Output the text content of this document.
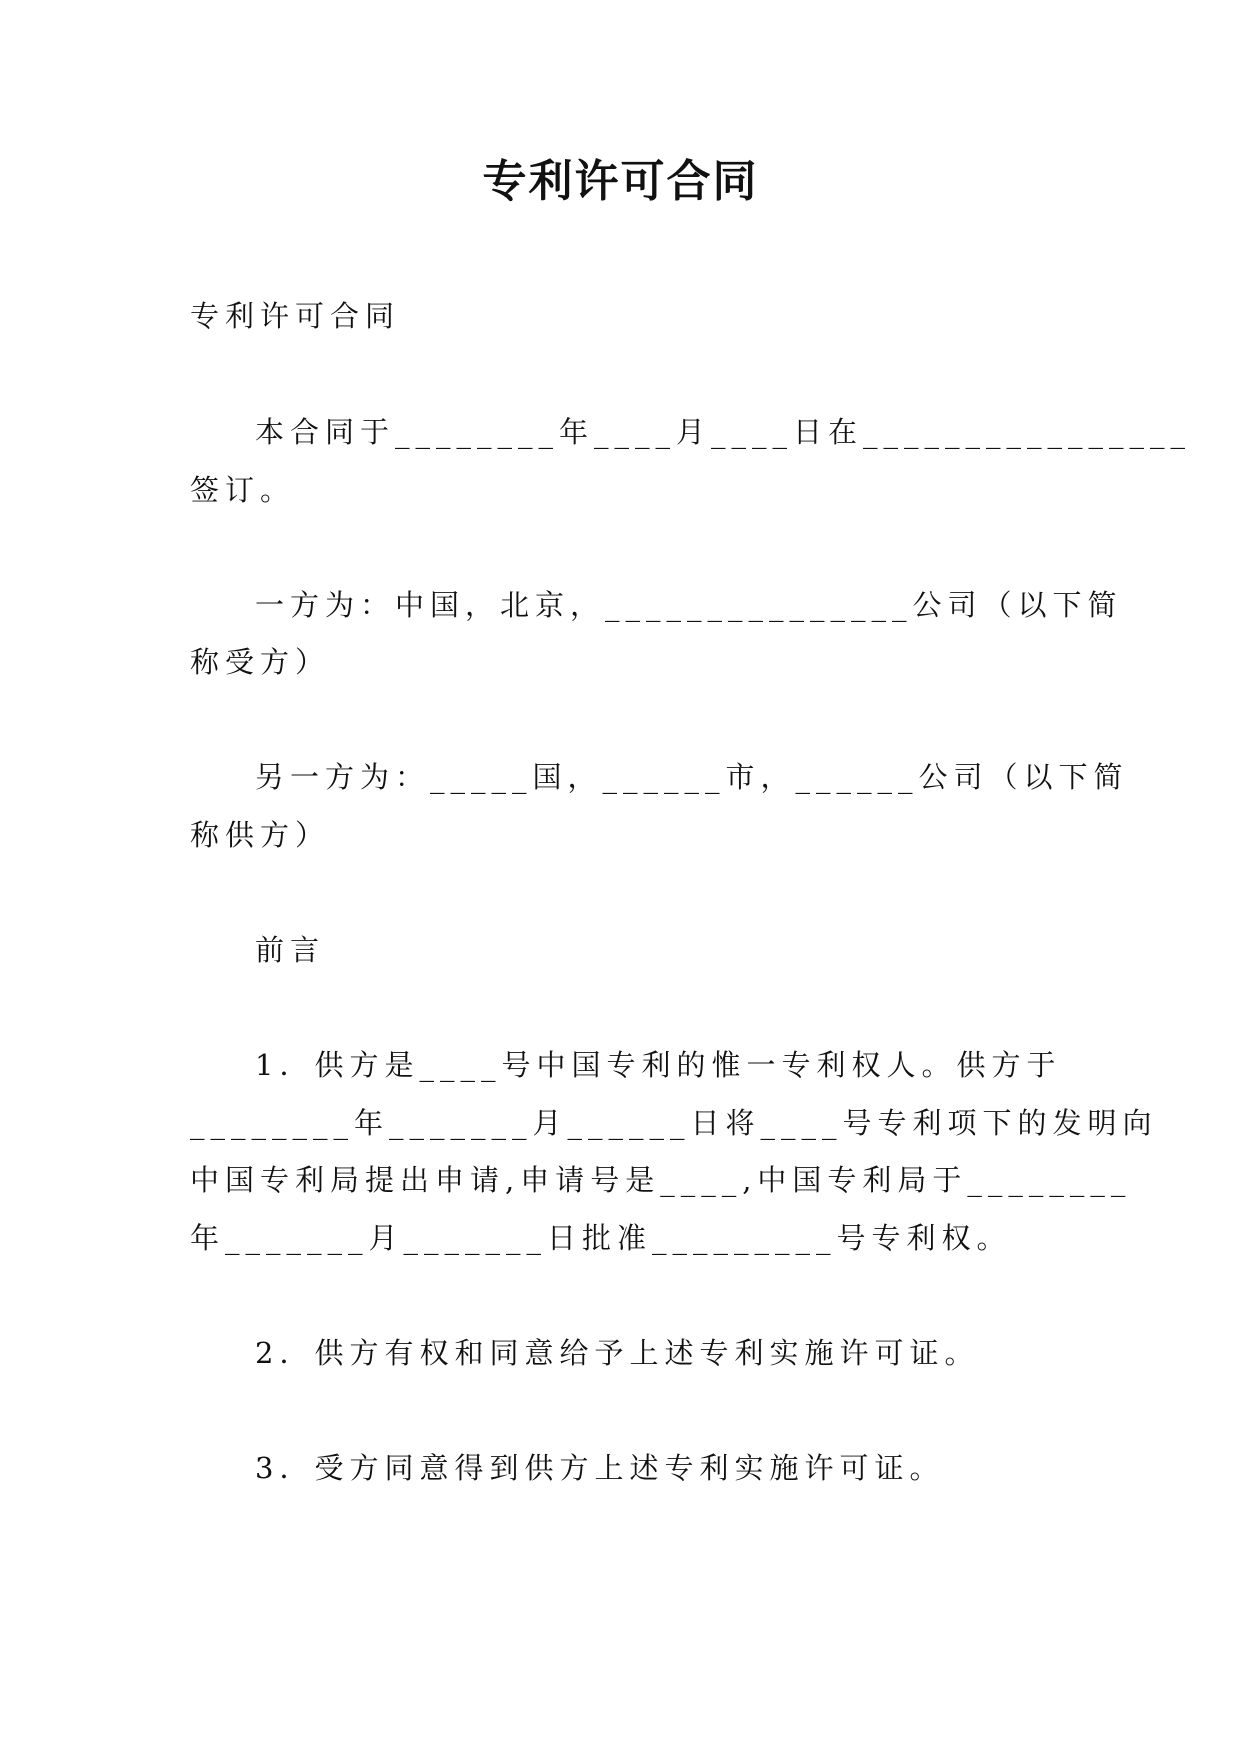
专利许可合同
专利许可合同
本合同于________年____月____日在________________
签订。
一方为：中国，北京，_______________公司（以下简
称受方）
另一方为：_____国，______市，______公司（以下简
称供方）
前言
1．供方是____号中国专利的惟一专利权人。供方于
________年_______月______日将____号专利项下的发明向
中国专利局提出申请,申请号是____,中国专利局于________
年_______月_______日批准_________号专利权。
2．供方有权和同意给予上述专利实施许可证。
3．受方同意得到供方上述专利实施许可证。
